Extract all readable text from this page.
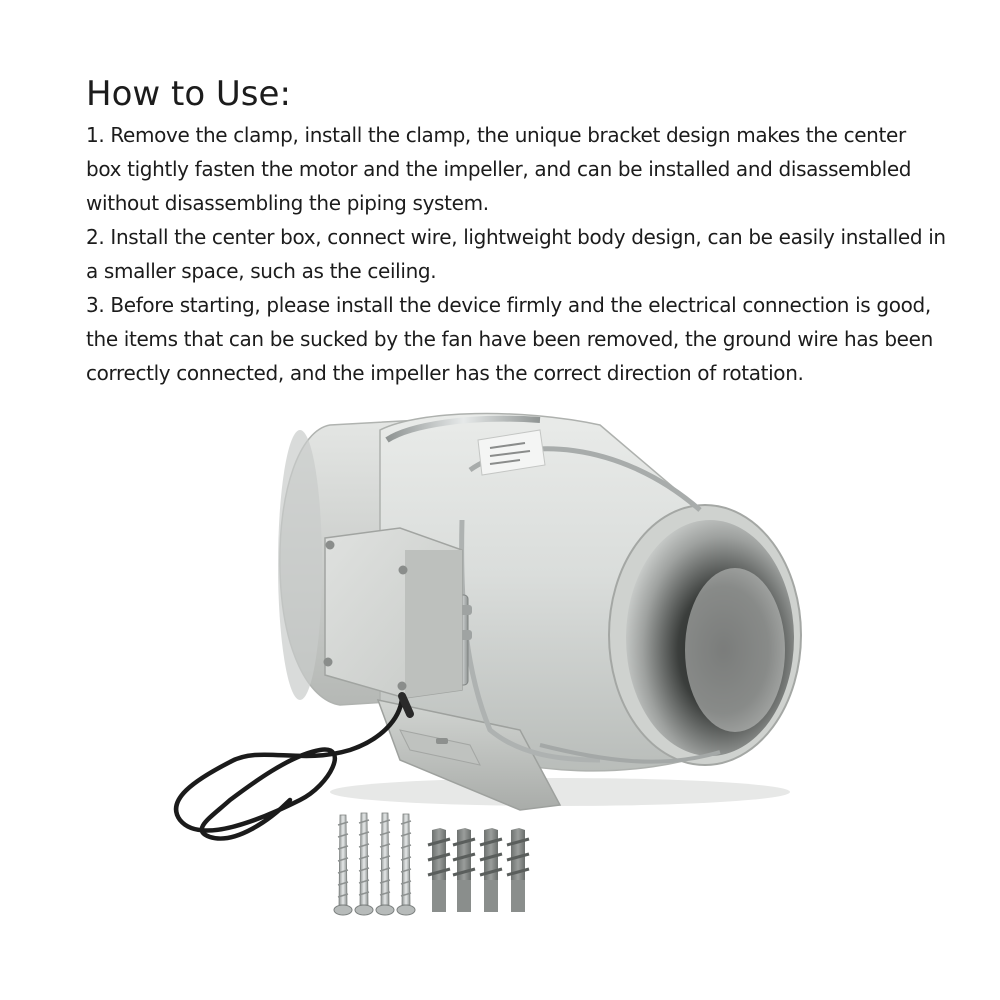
How to Use:

1. Remove the clamp, install the clamp, the unique bracket design makes the center box tightly fasten the motor and the impeller, and can be installed and disassembled without disassembling the piping system.

2. Install the center box, connect wire, lightweight body design, can be easily installed in a smaller space, such as the ceiling.

3. Before starting, please install the device firmly and the electrical connection is good, the items that can be sucked by the fan have been removed, the ground wire has been correctly connected, and the impeller has the correct direction of rotation.
